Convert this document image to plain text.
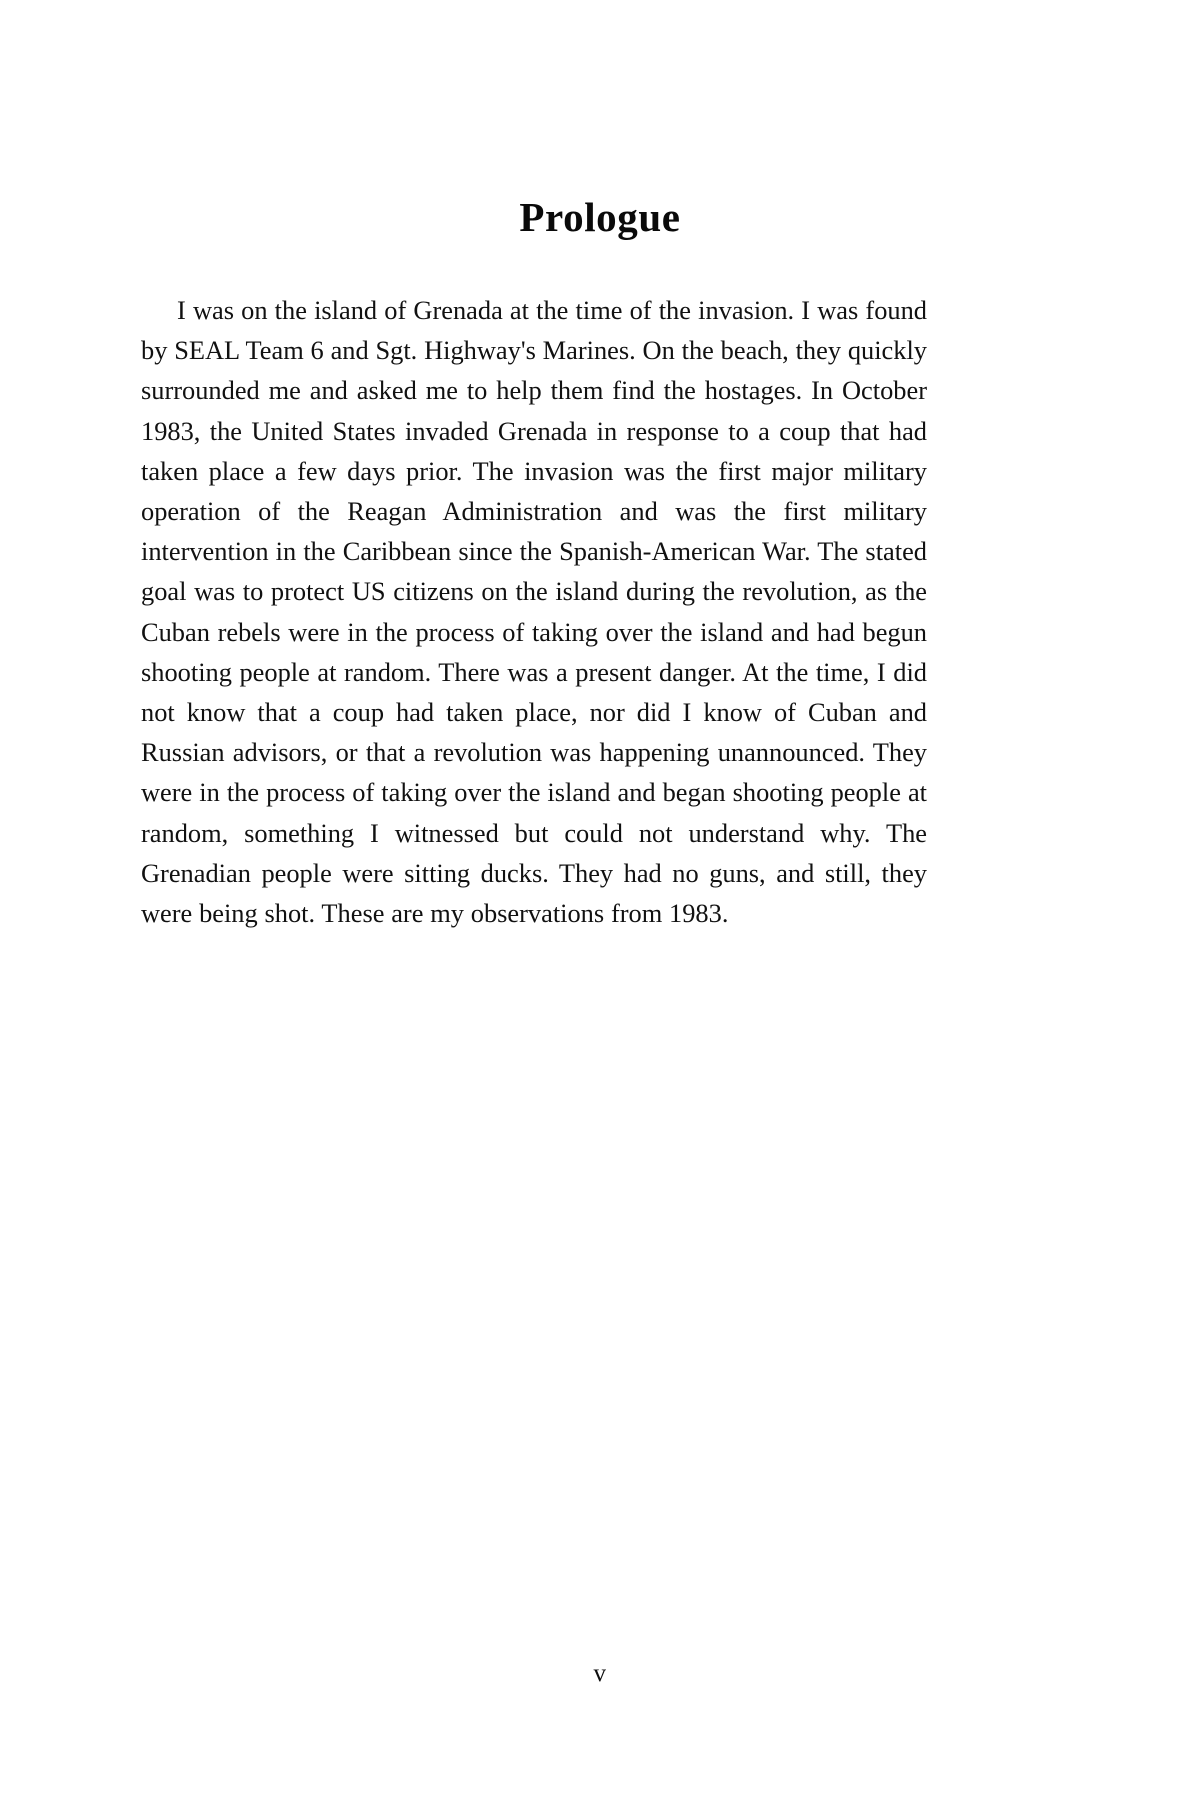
Prologue

I was on the island of Grenada at the time of the invasion. I was found by SEAL Team 6 and Sgt. Highway's Marines. On the beach, they quickly surrounded me and asked me to help them find the hostages. In October 1983, the United States invaded Grenada in response to a coup that had taken place a few days prior. The invasion was the first major military operation of the Reagan Administration and was the first military intervention in the Caribbean since the Spanish-American War. The stated goal was to protect US citizens on the island during the revolution, as the Cuban rebels were in the process of taking over the island and had begun shooting people at random. There was a present danger. At the time, I did not know that a coup had taken place, nor did I know of Cuban and Russian advisors, or that a revolution was happening unannounced. They were in the process of taking over the island and began shooting people at random, something I witnessed but could not understand why. The Grenadian people were sitting ducks. They had no guns, and still, they were being shot. These are my observations from 1983.

v
